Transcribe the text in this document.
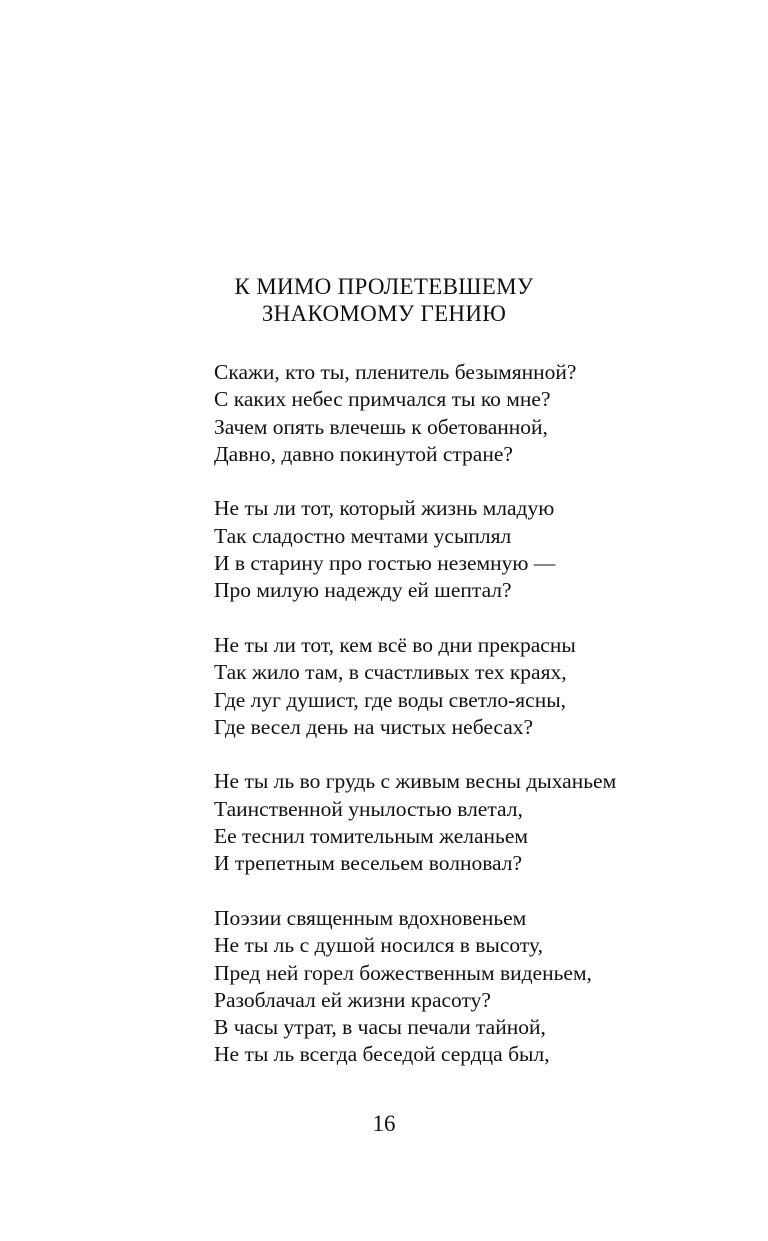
К МИМО ПРОЛЕТЕВШЕМУ
ЗНАКОМОМУ ГЕНИЮ
Скажи, кто ты, пленитель безымянной?
С каких небес примчался ты ко мне?
Зачем опять влечешь к обетованной,
Давно, давно покинутой стране?
Не ты ли тот, который жизнь младую
Так сладостно мечтами усыплял
И в старину про гостью неземную —
Про милую надежду ей шептал?
Не ты ли тот, кем всё во дни прекрасны
Так жило там, в счастливых тех краях,
Где луг душист, где воды светло-ясны,
Где весел день на чистых небесах?
Не ты ль во грудь с живым весны дыханьем
Таинственной унылостью влетал,
Ее теснил томительным желаньем
И трепетным весельем волновал?
Поэзии священным вдохновеньем
Не ты ль с душой носился в высоту,
Пред ней горел божественным виденьем,
Разоблачал ей жизни красоту?
В часы утрат, в часы печали тайной,
Не ты ль всегда беседой сердца был,
16
